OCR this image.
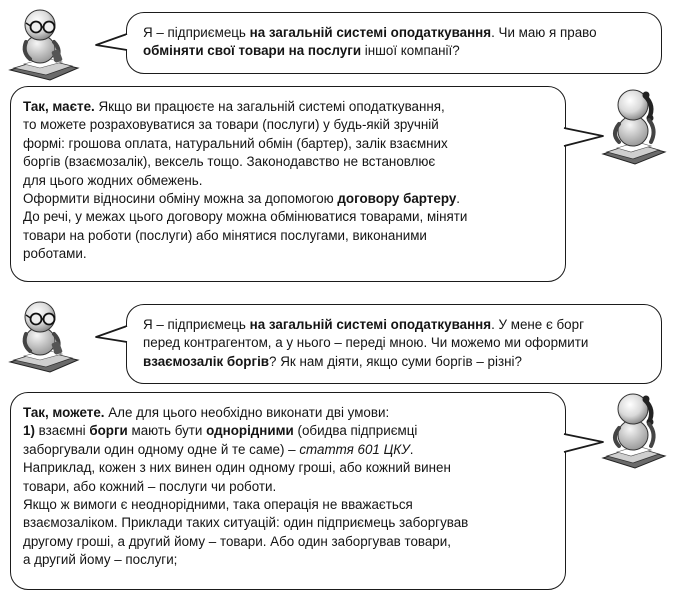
Я – підприємець на загальній системі оподаткування. Чи маю я право

обміняти свої товари на послуги іншої компанії?

Так, маєте. Якщо ви працюєте на загальній системі оподаткування,

то можете розраховуватися за товари (послуги) у будь-якій зручній

формі: грошова оплата, натуральний обмін (бартер), залік взаємних

боргів (взаємозалік), вексель тощо. Законодавство не встановлює

для цього жодних обмежень.

Оформити відносини обміну можна за допомогою договору бартеру.

До речі, у межах цього договору можна обмінюватися товарами, міняти

товари на роботи (послуги) або мінятися послугами, виконаними

роботами.

Я – підприємець на загальній системі оподаткування. У мене є борг

перед контрагентом, а у нього – переді мною. Чи можемо ми оформити

взаємозалік боргів? Як нам діяти, якщо суми боргів – різні?

Так, можете. Але для цього необхідно виконати дві умови:

1) взаємні борги мають бути однорідними (обидва підприємці

заборгували один одному одне й те саме) – стаття 601 ЦКУ.

Наприклад, кожен з них винен один одному гроші, або кожний винен

товари, або кожний – послуги чи роботи.

Якщо ж вимоги є неоднорідними, така операція не вважається

взаємозаліком. Приклади таких ситуацій: один підприємець заборгував

другому гроші, а другий йому – товари. Або один заборгував товари,

а другий йому – послуги;
